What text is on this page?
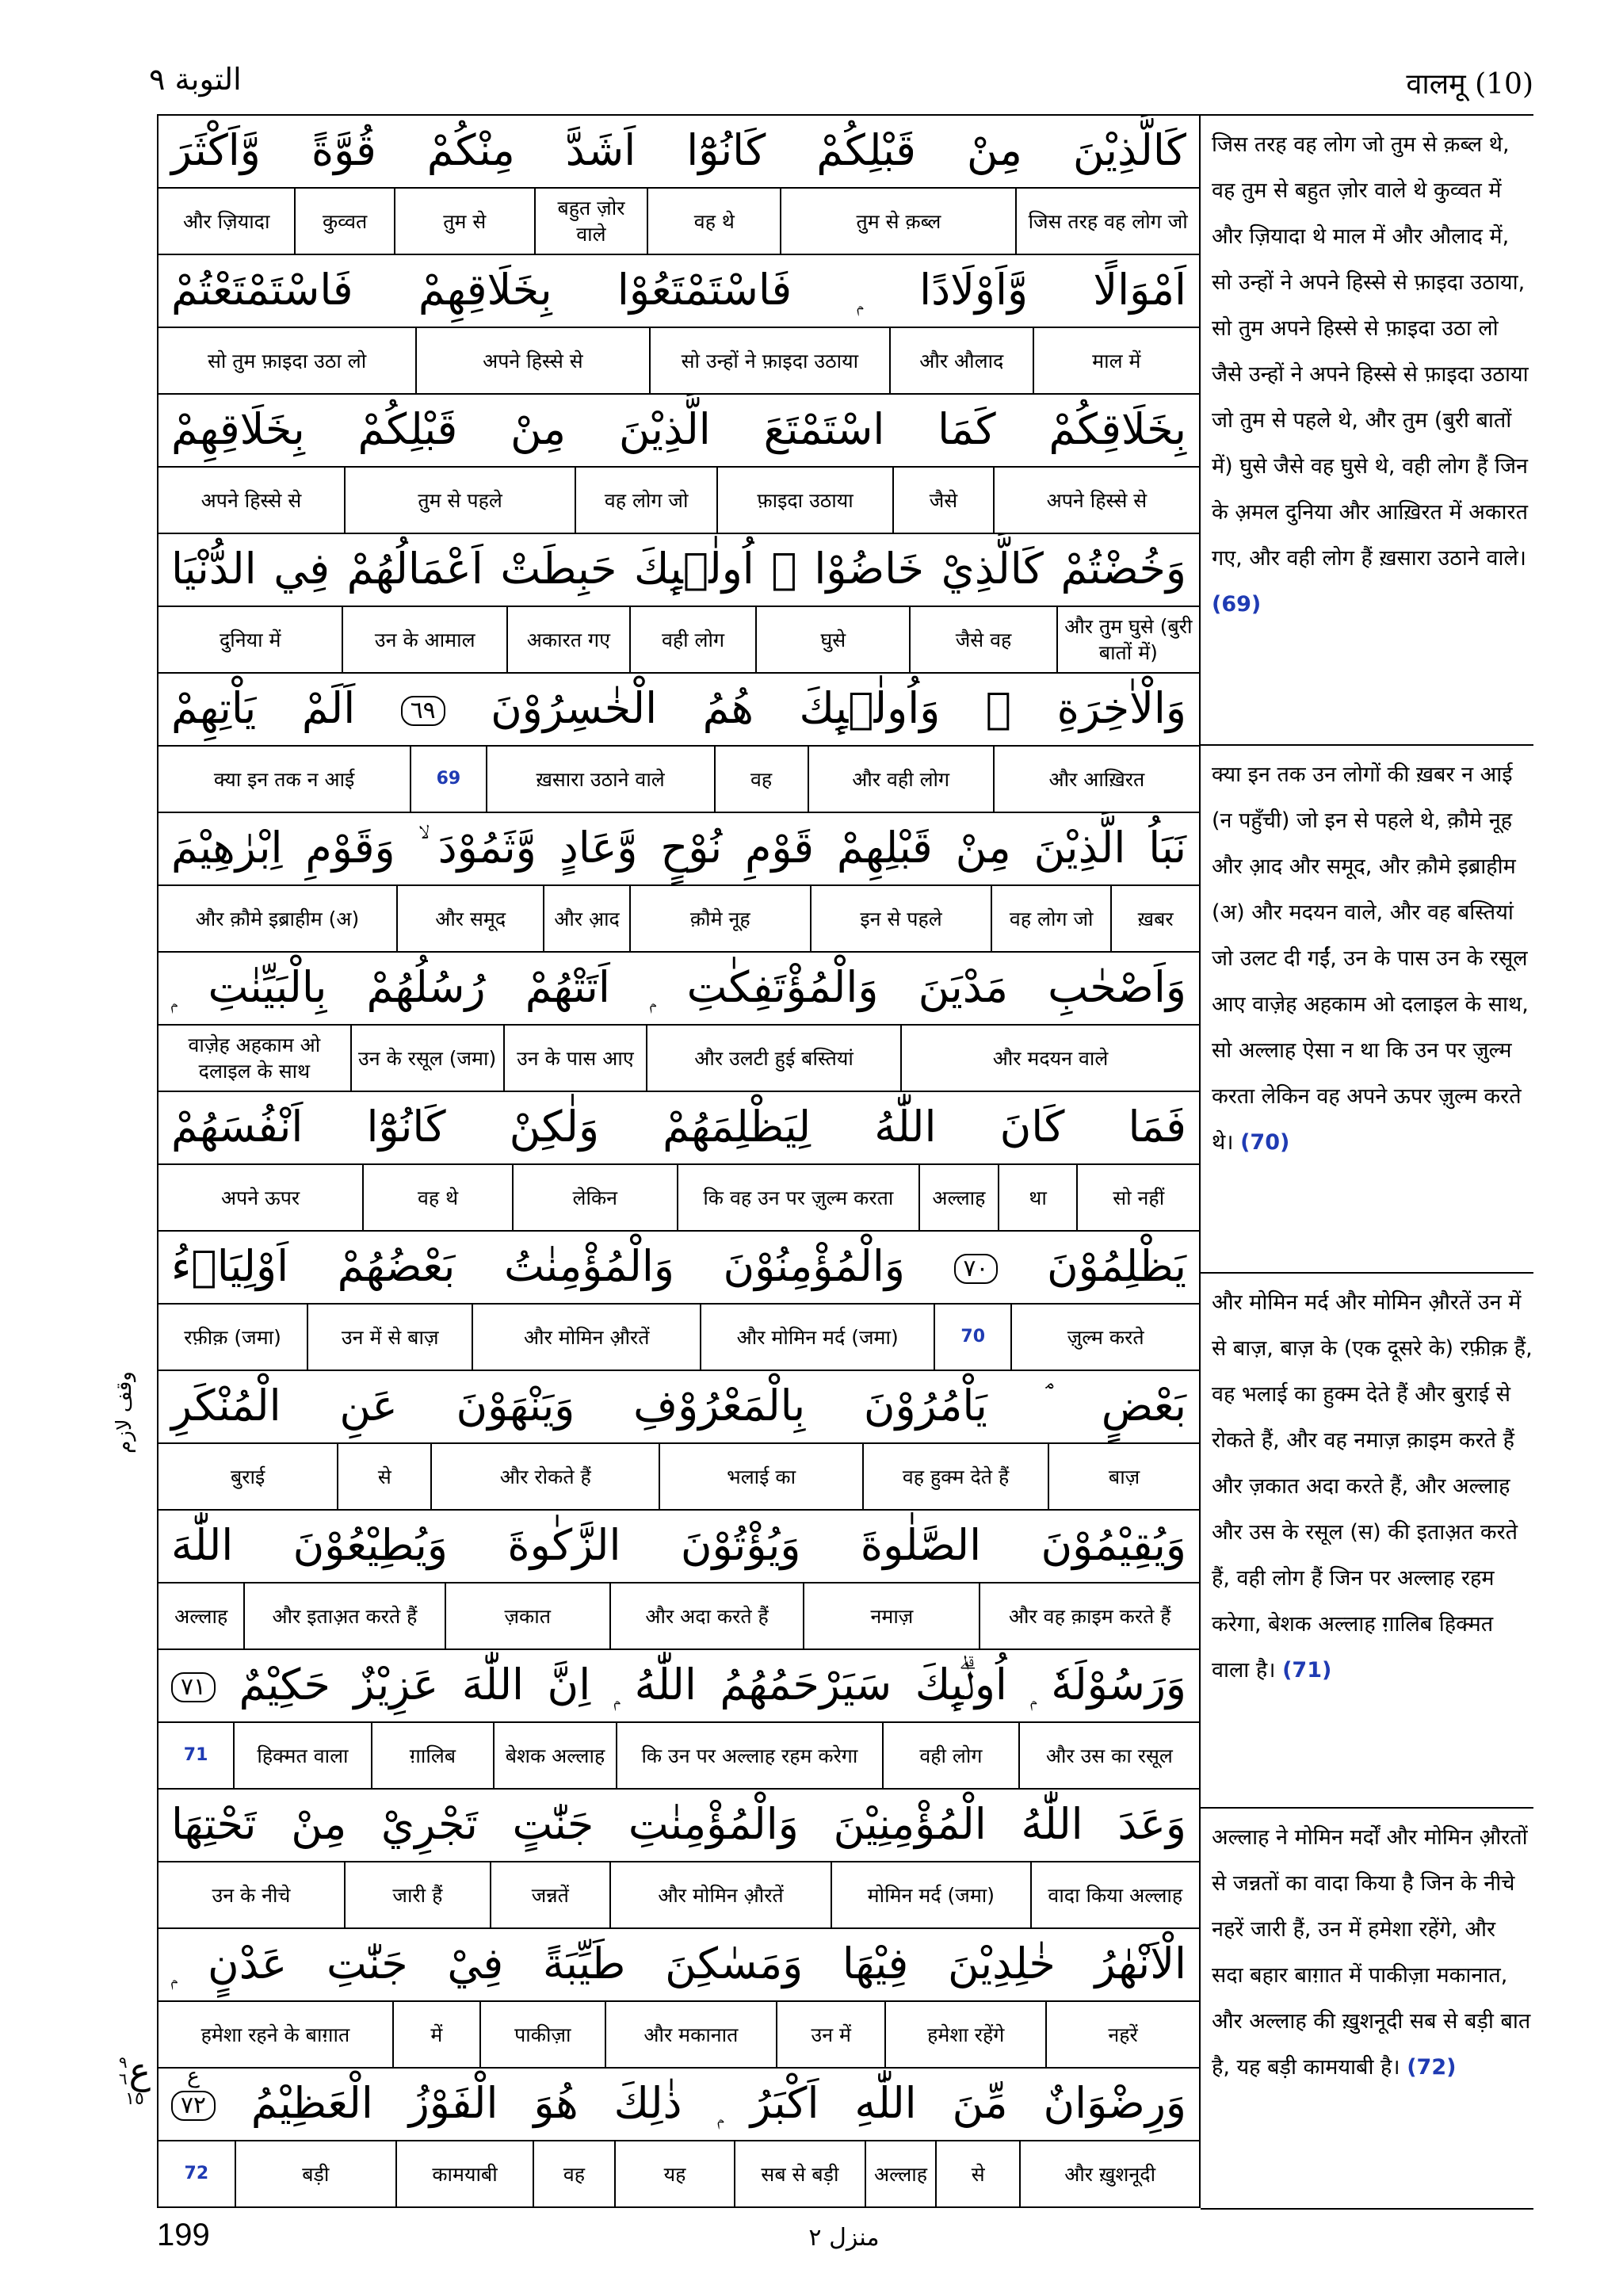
التوبة ٩	वालमू (10)
كَالَّذِيْنَ مِنْ قَبْلِكُمْ كَانُوْٓا اَشَدَّ مِنْكُمْ قُوَّةً وَّاَكْثَرَ
जिस तरह वह लोग जो
तुम से क़ब्ल
वह थे
बहुत ज़ोर वाले
तुम से
कुव्वत
और ज़ियादा
اَمْوَالًا وَّاَوْلَادًا ۭ فَاسْتَمْتَعُوْا بِخَلَاقِهِمْ فَاسْتَمْتَعْتُمْ
माल में
और औलाद
सो उन्हों ने फ़ाइदा उठाया
अपने हिस्से से
सो तुम फ़ाइदा उठा लो
بِخَلَاقِكُمْ كَمَا اسْتَمْتَعَ الَّذِيْنَ مِنْ قَبْلِكُمْ بِخَلَاقِهِمْ
अपने हिस्से से
जैसे
फ़ाइदा उठाया
वह लोग जो
तुम से पहले
अपने हिस्से से
وَخُضْتُمْ كَالَّذِيْ خَاضُوْا ۭ اُولٰۗىِٕكَ حَبِطَتْ اَعْمَالُهُمْ فِي الدُّنْيَا
और तुम घुसे (बुरी बातों में)
जैसे वह
घुसे
वही लोग
अकारत गए
उन के आमाल
दुनिया में
وَالْاٰخِرَةِ ۚ وَاُولٰۗىِٕكَ هُمُ الْخٰسِرُوْنَ ٦٩ اَلَمْ يَاْتِهِمْ
और आख़िरत
और वही लोग
वह
ख़सारा उठाने वाले
69
क्या इन तक न आई
نَبَاُ الَّذِيْنَ مِنْ قَبْلِهِمْ قَوْمِ نُوْحٍ وَّعَادٍ وَّثَمُوْدَ ۙ وَقَوْمِ اِبْرٰهِيْمَ
ख़बर
वह लोग जो
इन से पहले
क़ौमे नूह
और आ़द
और समूद
और क़ौमे इब्राहीम (अ)
وَاَصْحٰبِ مَدْيَنَ وَالْمُؤْتَفِكٰتِ ۭ اَتَتْهُمْ رُسُلُهُمْ بِالْبَيِّنٰتِ ۭ
और मदयन वाले
और उलटी हुई बस्तियां
उन के पास आए
उन के रसूल (जमा)
वाज़ेह अहकाम ओ दलाइल के साथ
فَمَا كَانَ اللّٰهُ لِيَظْلِمَهُمْ وَلٰكِنْ كَانُوْٓا اَنْفُسَهُمْ
सो नहीं
था
अल्लाह
कि वह उन पर ज़ुल्म करता
लेकिन
वह थे
अपने ऊपर
يَظْلِمُوْنَ ٧٠ وَالْمُؤْمِنُوْنَ وَالْمُؤْمِنٰتُ بَعْضُهُمْ اَوْلِيَاۗءُ
ज़ुल्म करते
70
और मोमिन मर्द (जमा)
और मोमिन औ़रतें
उन में से बाज़
रफ़ीक़ (जमा)
بَعْضٍ ۘ يَاْمُرُوْنَ بِالْمَعْرُوْفِ وَيَنْهَوْنَ عَنِ الْمُنْكَرِ
बाज़
वह हुक्म देते हैं
भलाई का
और रोकते हैं
से
बुराई
وَيُقِيْمُوْنَ الصَّلٰوةَ وَيُؤْتُوْنَ الزَّكٰوةَ وَيُطِيْعُوْنَ اللّٰهَ
और वह क़ाइम करते हैं
नमाज़
और अदा करते हैं
ज़कात
और इताअ़त करते हैं
अल्लाह
وَرَسُوْلَهٗ ۭ اُولٰۗىِٕكَ سَيَرْحَمُهُمُ اللّٰهُ ۭ اِنَّ اللّٰهَ عَزِيْزٌ حَكِيْمٌ ٧١
और उस का रसूल
वही लोग
कि उन पर अल्लाह रहम करेगा
बेशक अल्लाह
ग़ालिब
हिक्मत वाला
71
وَعَدَ اللّٰهُ الْمُؤْمِنِيْنَ وَالْمُؤْمِنٰتِ جَنّٰتٍ تَجْرِيْ مِنْ تَحْتِهَا
वादा किया अल्लाह
मोमिन मर्द (जमा)
और मोमिन औ़रतें
जन्नतें
जारी हैं
उन के नीचे
الْاَنْهٰرُ خٰلِدِيْنَ فِيْهَا وَمَسٰكِنَ طَيِّبَةً فِيْ جَنّٰتِ عَدْنٍ ۭ
नहरें
हमेशा रहेंगे
उन में
और मकानात
पाकीज़ा
में
हमेशा रहने के बाग़ात
وَرِضْوَانٌ مِّنَ اللّٰهِ اَكْبَرُ ۭ ذٰلِكَ هُوَ الْفَوْزُ الْعَظِيْمُ ٧٢
ع
और ख़ुशनूदी
से
अल्लाह
सब से बड़ी
यह
वह
कामयाबी
बड़ी
72
जिस तरह वह लोग जो तुम से क़ब्ल थे, वह तुम से बहुत ज़ोर वाले थे कुव्वत में और ज़ियादा थे माल में और औलाद में, सो उन्हों ने अपने हिस्से से फ़ाइदा उठाया, सो तुम अपने हिस्से से फ़ाइदा उठा लो जैसे उन्हों ने अपने हिस्से से फ़ाइदा उठाया जो तुम से पहले थे, और तुम (बुरी बातों में) घुसे जैसे वह घुसे थे, वही लोग हैं जिन के अ़मल दुनिया और आख़िरत में अकारत गए, और वही लोग हैं ख़सारा उठाने वाले। (69)
क्या इन तक उन लोगों की ख़बर न आई (न पहुँची) जो इन से पहले थे, क़ौमे नूह और आ़द और समूद, और क़ौमे इब्राहीम (अ) और मदयन वाले, और वह बस्तियां जो उलट दी गईं, उन के पास उन के रसूल आए वाज़ेह अहकाम ओ दलाइल के साथ, सो अल्लाह ऐसा न था कि उन पर ज़ुल्म करता लेकिन वह अपने ऊपर ज़ुल्म करते थे। (70)
और मोमिन मर्द और मोमिन औ़रतें उन में से बाज़, बाज़ के (एक दूसरे के) रफ़ीक़ हैं, वह भलाई का हुक्म देते हैं और बुराई से रोकते हैं, और वह नमाज़ क़ाइम करते हैं और ज़कात अदा करते हैं, और अल्लाह और उस के रसूल (स) की इताअ़त करते हैं, वही लोग हैं जिन पर अल्लाह रहम करेगा, बेशक अल्लाह ग़ालिब हिक्मत वाला है। (71)
अल्लाह ने मोमिन मर्दों और मोमिन औ़रतों से जन्नतों का वादा किया है जिन के नीचे नहरें जारी हैं, उन में हमेशा रहेंगे, और सदा बहार बाग़ात में पाकीज़ा मकानात, और अल्लाह की ख़ुशनूदी सब से बड़ी बात है, यह बड़ी कामयाबी है। (72)
وقف لازم
ع
٩
٦
١٥
199	منزل ٢
